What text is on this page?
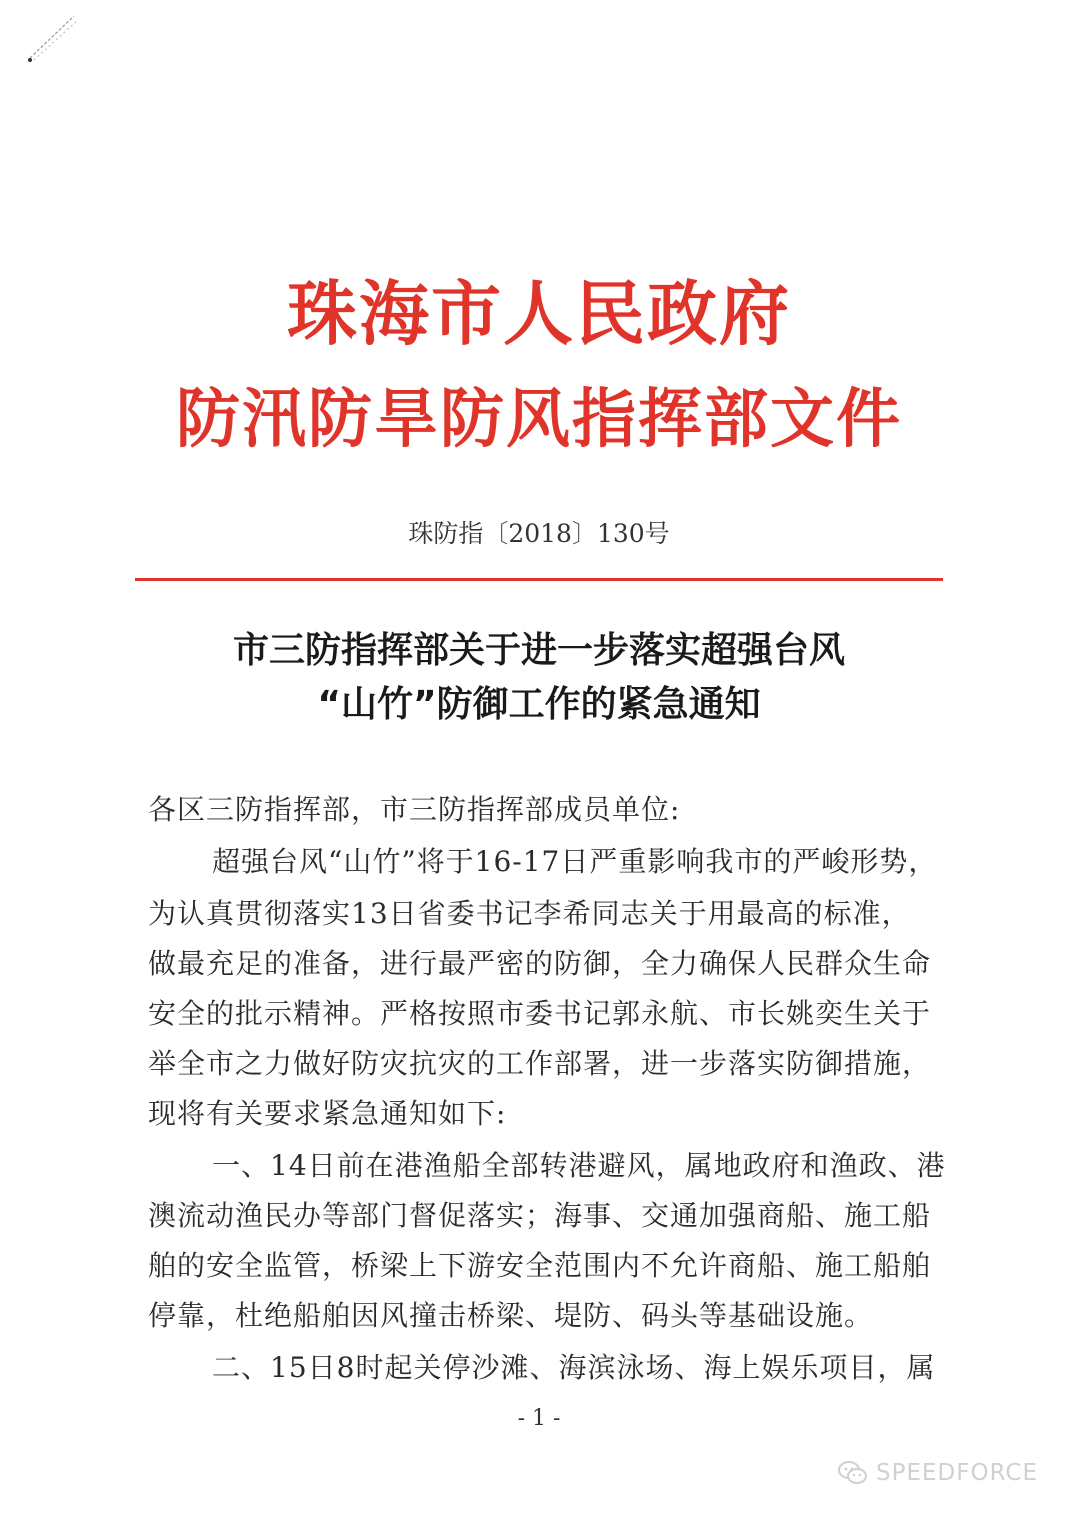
珠海市人民政府
防汛防旱防风指挥部文件
珠防指〔2018〕130号
市三防指挥部关于进一步落实超强台风
“山竹”防御工作的紧急通知
各区三防指挥部，市三防指挥部成员单位:
超强台风“山竹”将于16-17日严重影响我市的严峻形势，
为认真贯彻落实13日省委书记李希同志关于用最高的标准，
做最充足的准备，进行最严密的防御，全力确保人民群众生命
安全的批示精神。严格按照市委书记郭永航、市长姚奕生关于
举全市之力做好防灾抗灾的工作部署，进一步落实防御措施，
现将有关要求紧急通知如下:
一、14日前在港渔船全部转港避风，属地政府和渔政、港
澳流动渔民办等部门督促落实；海事、交通加强商船、施工船
舶的安全监管，桥梁上下游安全范围内不允许商船、施工船舶
停靠，杜绝船舶因风撞击桥梁、堤防、码头等基础设施。
二、15日8时起关停沙滩、海滨泳场、海上娱乐项目，属
- 1 -
SPEEDFORCE
